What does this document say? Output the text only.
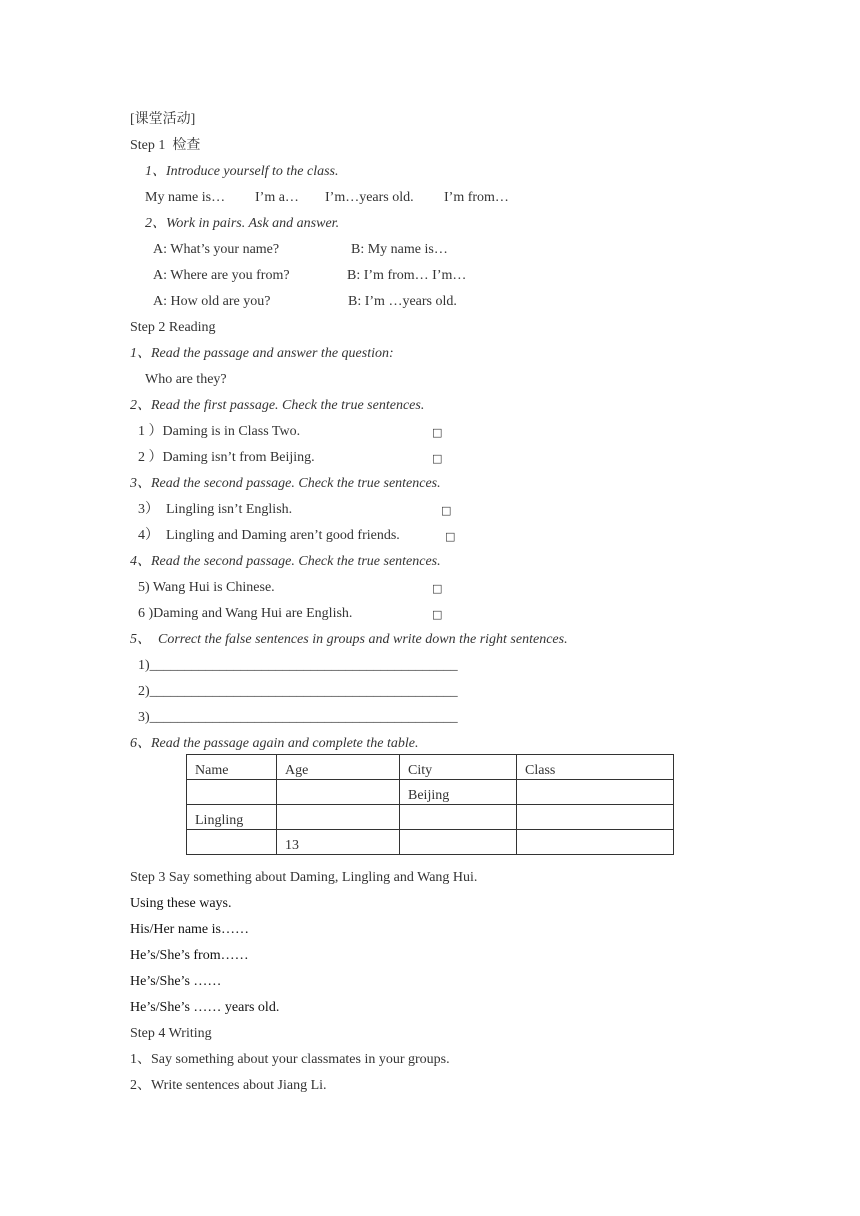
[课堂活动]
Step 1  检查
1、Introduce yourself to the class.
My name is… I’m a… I’m…years old. I’m from…
2、Work in pairs. Ask and answer.
A: What’s your name?	B: My name is…
A: Where are you from?	B: I’m from… I’m…
A: How old are you?	B: I’m …years old.
Step 2 Reading
1、Read the passage and answer the question:
Who are they?
2、Read the first passage. Check the true sentences.
1 ）Daming is in Class Two.	□
2 ）Daming isn’t from Beijing.	□
3、Read the second passage. Check the true sentences.
3）  Lingling isn’t English.	□
4）  Lingling and Daming aren’t good friends.	□
4、Read the second passage. Check the true sentences.
5) Wang Hui is Chinese.	□
6 )Daming and Wang Hui are English.	□
5、  Correct the false sentences in groups and write down the right sentences.
1)____________________________________________
2)____________________________________________
3)____________________________________________
6、Read the passage again and complete the table.
Name	Age	City	Class
		Beijing	
Lingling			
	13		
Step 3 Say something about Daming, Lingling and Wang Hui.
Using these ways.
His/Her name is……
He’s/She’s from……
He’s/She’s ……
He’s/She’s …… years old.
Step 4 Writing
1、Say something about your classmates in your groups.
2、Write sentences about Jiang Li.
